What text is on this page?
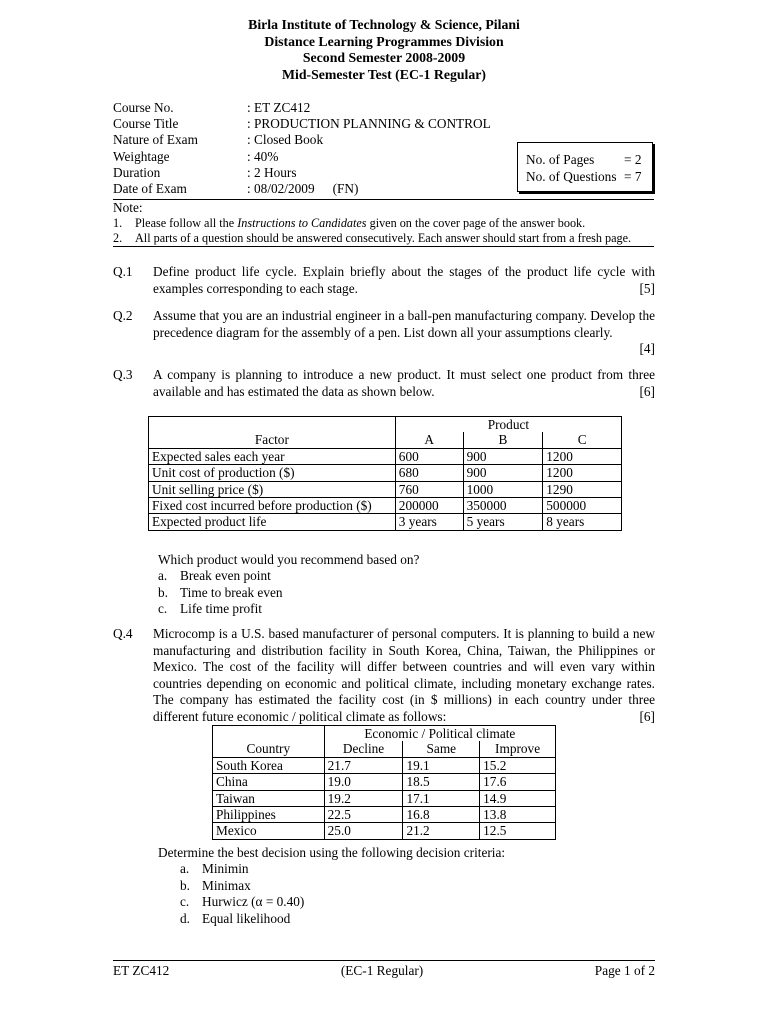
Birla Institute of Technology & Science, Pilani
Distance Learning Programmes Division
Second Semester 2008-2009
Mid-Semester Test (EC-1 Regular)
Course No.	: ET ZC412
Course Title	: PRODUCTION PLANNING & CONTROL
Nature of Exam	: Closed Book
Weightage	: 40%
Duration	: 2 Hours
Date of Exam	: 08/02/2009 (FN)
No. of Pages	= 2
No. of Questions = 7
Note:
1.	Please follow all the Instructions to Candidates given on the cover page of the answer book.
2.	All parts of a question should be answered consecutively. Each answer should start from a fresh page.
Q.1 Define product life cycle. Explain briefly about the stages of the product life cycle with examples corresponding to each stage.	[5]
Q.2 Assume that you are an industrial engineer in a ball-pen manufacturing company. Develop the precedence diagram for the assembly of a pen. List down all your assumptions clearly.
[4]
Q.3 A company is planning to introduce a new product. It must select one product from three available and has estimated the data as shown below.	[6]
	Product		
Factor	A	B	C
Expected sales each year	600	900	1200
Unit cost of production ($)	680	900	1200
Unit selling price ($)	760	1000	1290
Fixed cost incurred before production ($)	200000	350000	500000
Expected product life	3 years	5 years	8 years
Which product would you recommend based on?
a. Break even point
b. Time to break even
c. Life time profit
Q.4 Microcomp is a U.S. based manufacturer of personal computers. It is planning to build a new manufacturing and distribution facility in South Korea, China, Taiwan, the Philippines or Mexico. The cost of the facility will differ between countries and will even vary within countries depending on economic and political climate, including monetary exchange rates. The company has estimated the facility cost (in $ millions) in each country under three different future economic / political climate as follows:	[6]
	Economic / Political climate		
Country	Decline	Same	Improve
South Korea	21.7	19.1	15.2
China	19.0	18.5	17.6
Taiwan	19.2	17.1	14.9
Philippines	22.5	16.8	13.8
Mexico	25.0	21.2	12.5
Determine the best decision using the following decision criteria:
a. Minimin
b. Minimax
c. Hurwicz (α = 0.40)
d. Equal likelihood
ET ZC412	(EC-1 Regular)	Page 1 of 2
